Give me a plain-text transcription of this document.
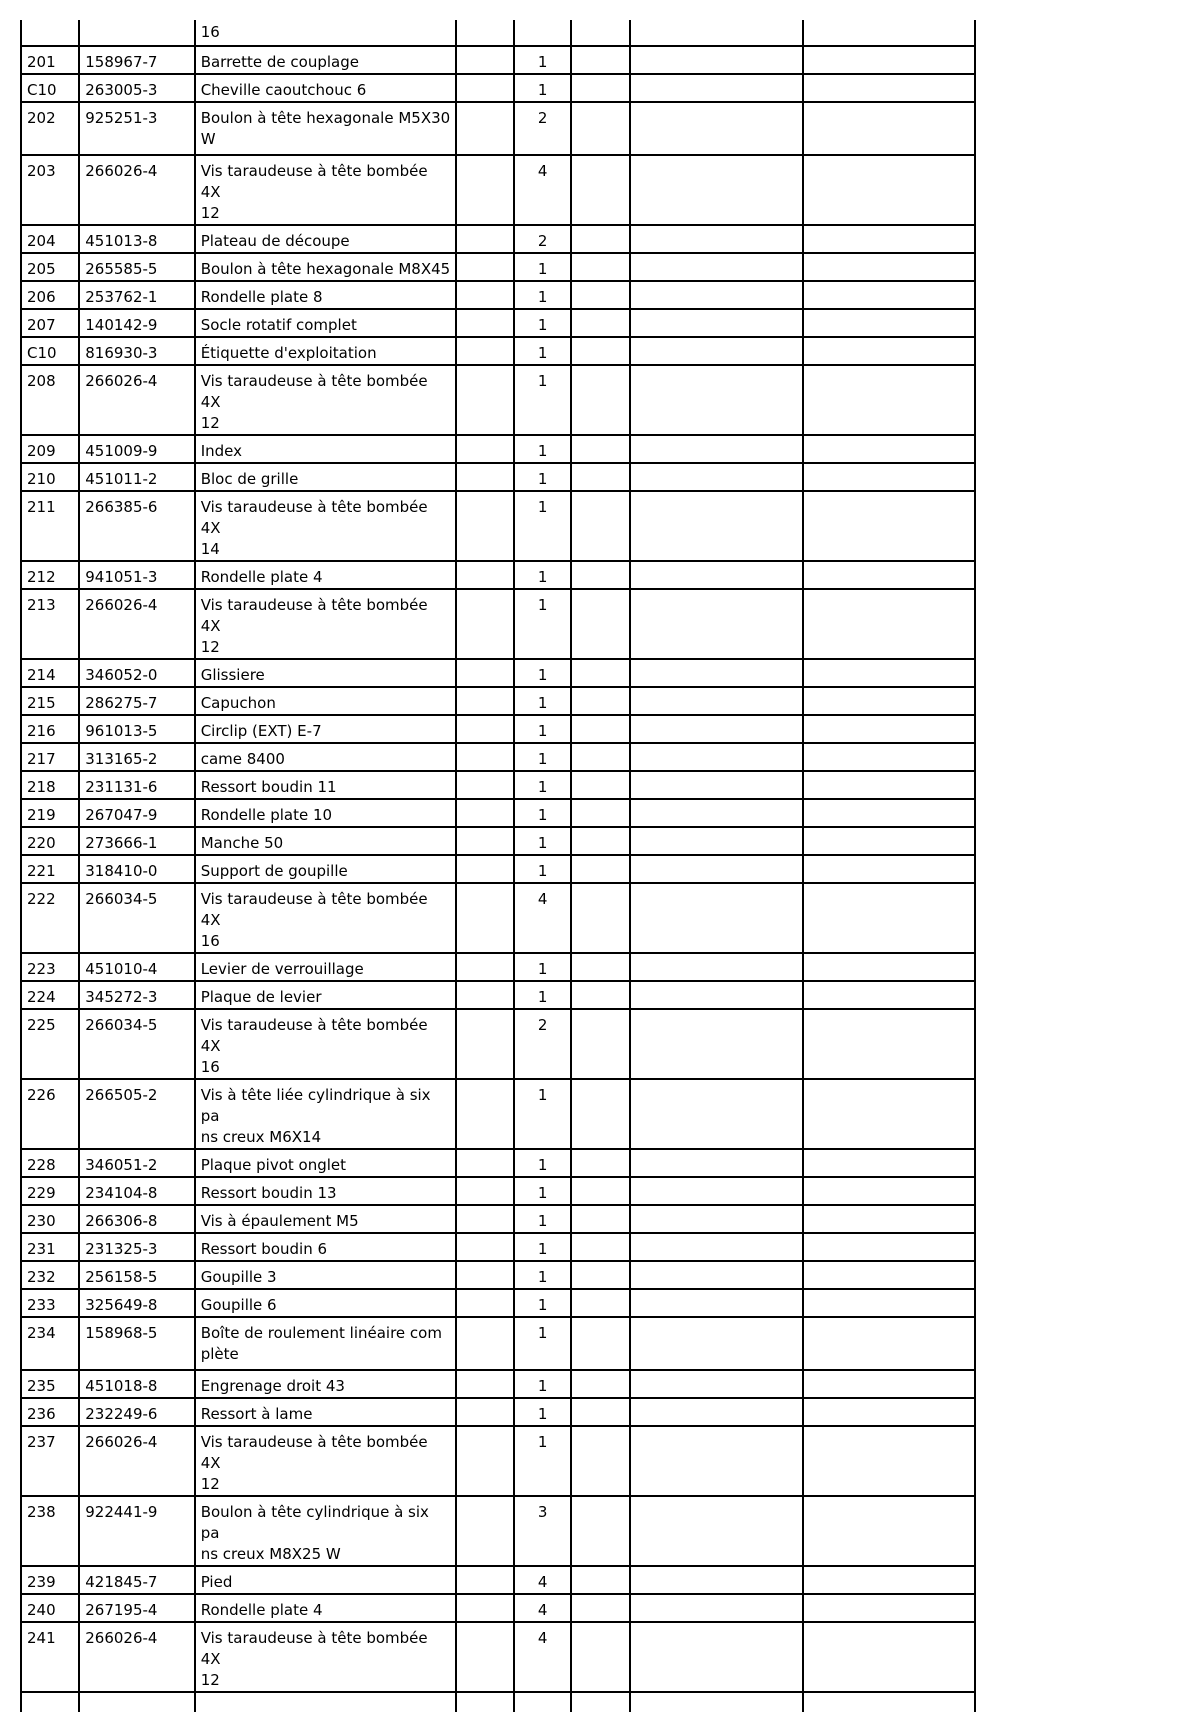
		16					
201	158967-7	Barrette de couplage		1			
C10	263005-3	Cheville caoutchouc 6		1			
202	925251-3	Boulon à tête hexagonale M5X30
W		2			
203	266026-4	Vis taraudeuse à tête bombée 4X
12		4			
204	451013-8	Plateau de découpe		2			
205	265585-5	Boulon à tête hexagonale M8X45		1			
206	253762-1	Rondelle plate 8		1			
207	140142-9	Socle rotatif complet		1			
C10	816930-3	Étiquette d'exploitation		1			
208	266026-4	Vis taraudeuse à tête bombée 4X
12		1			
209	451009-9	Index		1			
210	451011-2	Bloc de grille		1			
211	266385-6	Vis taraudeuse à tête bombée 4X
14		1			
212	941051-3	Rondelle plate 4		1			
213	266026-4	Vis taraudeuse à tête bombée 4X
12		1			
214	346052-0	Glissiere		1			
215	286275-7	Capuchon		1			
216	961013-5	Circlip (EXT) E-7		1			
217	313165-2	came 8400		1			
218	231131-6	Ressort boudin 11		1			
219	267047-9	Rondelle plate 10		1			
220	273666-1	Manche 50		1			
221	318410-0	Support de goupille		1			
222	266034-5	Vis taraudeuse à tête bombée 4X
16		4			
223	451010-4	Levier de verrouillage		1			
224	345272-3	Plaque de levier		1			
225	266034-5	Vis taraudeuse à tête bombée 4X
16		2			
226	266505-2	Vis à tête liée cylindrique à six pa
ns creux M6X14		1			
228	346051-2	Plaque pivot onglet		1			
229	234104-8	Ressort boudin 13		1			
230	266306-8	Vis à épaulement M5		1			
231	231325-3	Ressort boudin 6		1			
232	256158-5	Goupille 3		1			
233	325649-8	Goupille 6		1			
234	158968-5	Boîte de roulement linéaire com
plète		1			
235	451018-8	Engrenage droit 43		1			
236	232249-6	Ressort à lame		1			
237	266026-4	Vis taraudeuse à tête bombée 4X
12		1			
238	922441-9	Boulon à tête cylindrique à six pa
ns creux M8X25 W		3			
239	421845-7	Pied		4			
240	267195-4	Rondelle plate 4		4			
241	266026-4	Vis taraudeuse à tête bombée 4X
12		4			
